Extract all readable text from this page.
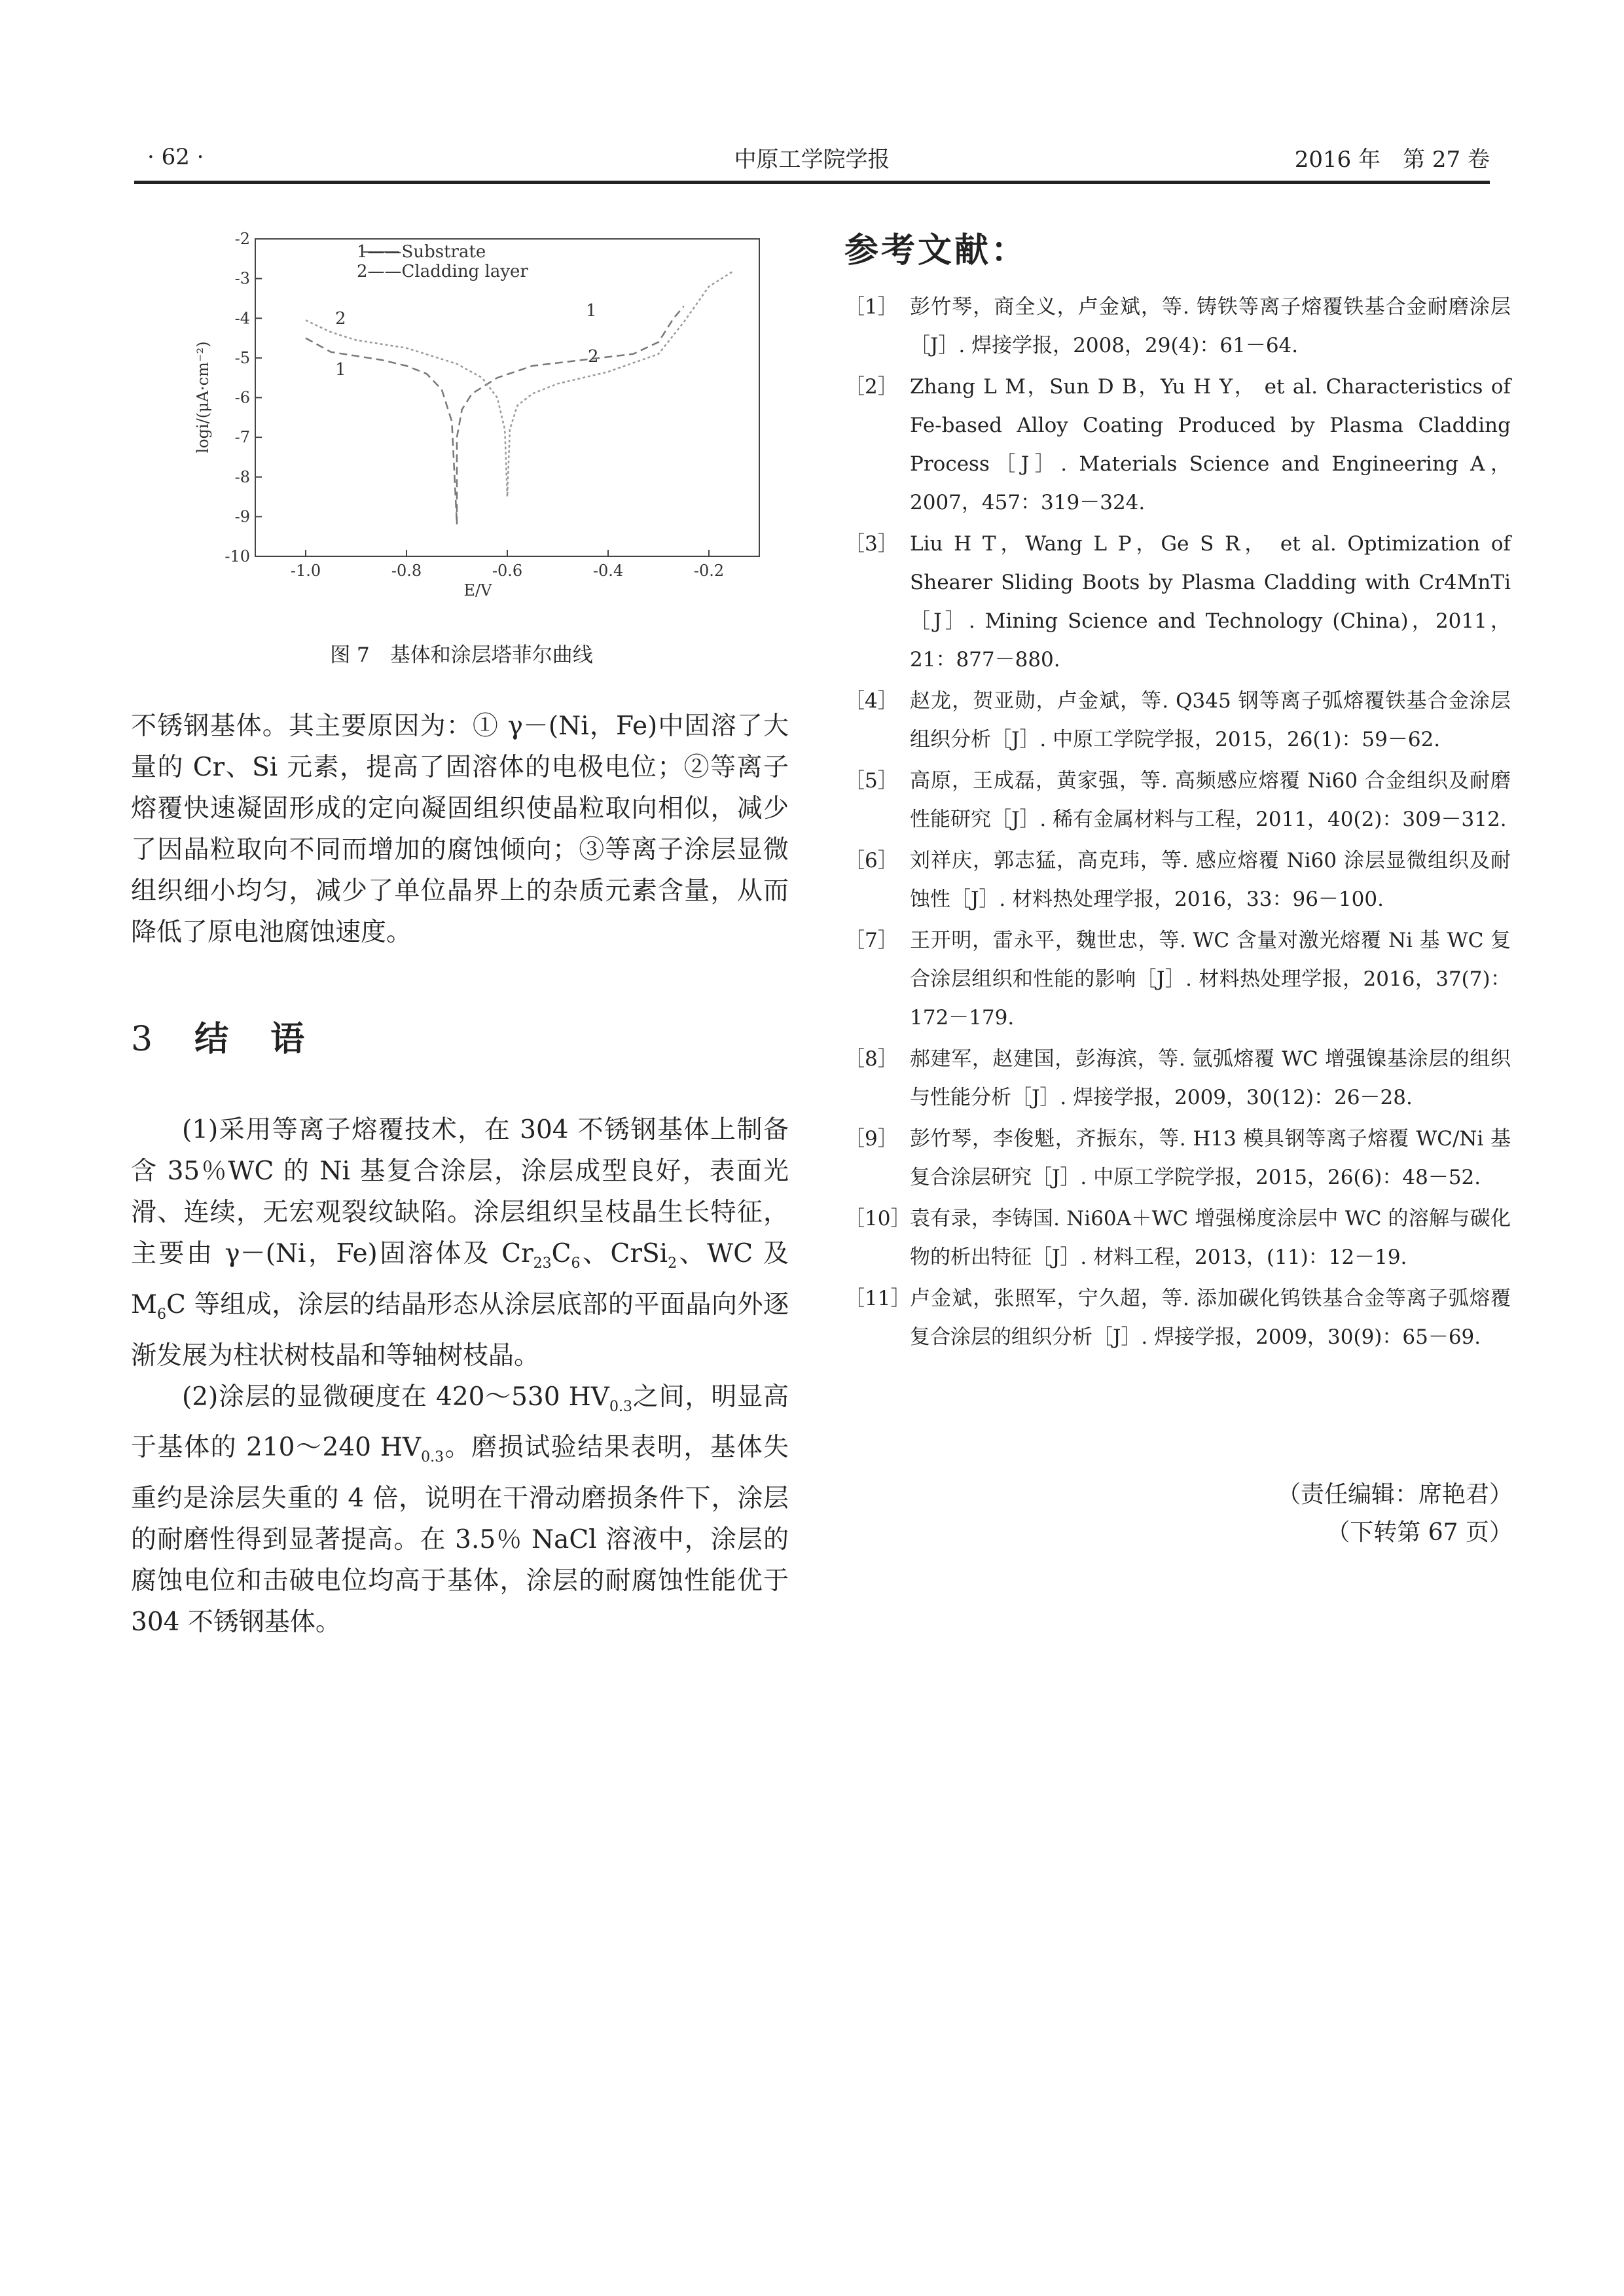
· 62 ·	中原工学院学报	2016 年　第 27 卷
-2
-3
-4
-5
-6
-7
-8
-9
-10
-1.0	-0.8	-0.6	-0.4	-0.2
1——Substrate
2——Cladding layer
2
1
1
2
E/V
logi/(μA·cm⁻²)
图 7　基体和涂层塔菲尔曲线

不锈钢基体。其主要原因为：① γ－(Ni，Fe)中固溶了大量的 Cr、Si 元素，提高了固溶体的电极电位；②等离子熔覆快速凝固形成的定向凝固组织使晶粒取向相似，减少了因晶粒取向不同而增加的腐蚀倾向；③等离子涂层显微组织细小均匀，减少了单位晶界上的杂质元素含量，从而降低了原电池腐蚀速度。

3 结 语

(1)采用等离子熔覆技术，在 304 不锈钢基体上制备含 35％WC 的 Ni 基复合涂层，涂层成型良好，表面光滑、连续，无宏观裂纹缺陷。涂层组织呈枝晶生长特征，主要由 γ－(Ni，Fe)固溶体及 $Cr_{23}C_6$、CrSi$_2$、WC 及 $M_6C$ 等组成，涂层的结晶形态从涂层底部的平面晶向外逐渐发展为柱状树枝晶和等轴树枝晶。

(2)涂层的显微硬度在 420～530 $HV_{0.3}$之间，明显高于基体的 210～240 $HV_{0.3}$。磨损试验结果表明，基体失重约是涂层失重的 4 倍，说明在干滑动磨损条件下，涂层的耐磨性得到显著提高。在 3.5％ NaCl 溶液中，涂层的腐蚀电位和击破电位均高于基体，涂层的耐腐蚀性能优于 304 不锈钢基体。

参考文献：
［1］ 彭竹琴，商全义，卢金斌，等. 铸铁等离子熔覆铁基合金耐磨涂层［J］. 焊接学报，2008，29(4)：61－64.
［2］ Zhang L M，Sun D B，Yu H Y， et al. Characteristics of Fe-based Alloy Coating Produced by Plasma Cladding Process［J］. Materials Science and Engineering A，2007，457：319－324.
［3］ Liu H T，Wang L P，Ge S R， et al. Optimization of Shearer Sliding Boots by Plasma Cladding with Cr4MnTi［J］. Mining Science and Technology (China)，2011，21：877－880.
［4］ 赵龙，贺亚勋，卢金斌，等. Q345 钢等离子弧熔覆铁基合金涂层组织分析［J］. 中原工学院学报，2015，26(1)：59－62.
［5］ 高原，王成磊，黄家强，等. 高频感应熔覆 Ni60 合金组织及耐磨性能研究［J］. 稀有金属材料与工程，2011，40(2)：309－312.
［6］ 刘祥庆，郭志猛，高克玮，等. 感应熔覆 Ni60 涂层显微组织及耐蚀性［J］. 材料热处理学报，2016，33：96－100.
［7］ 王开明，雷永平，魏世忠，等. WC 含量对激光熔覆 Ni 基 WC 复合涂层组织和性能的影响［J］. 材料热处理学报，2016，37(7)：172－179.
［8］ 郝建军，赵建国，彭海滨，等. 氩弧熔覆 WC 增强镍基涂层的组织与性能分析［J］. 焊接学报，2009，30(12)：26－28.
［9］ 彭竹琴，李俊魁，齐振东，等. H13 模具钢等离子熔覆 WC/Ni 基复合涂层研究［J］. 中原工学院学报，2015，26(6)：48－52.
［10］
袁有录，李铸国. Ni60A＋WC 增强梯度涂层中 WC 的溶解与碳化物的析出特征［J］. 材料工程，2013，(11)：12－19.
［11］
卢金斌，张照军，宁久超，等. 添加碳化钨铁基合金等离子弧熔覆复合涂层的组织分析［J］. 焊接学报，2009，30(9)：65－69.
（责任编辑：席艳君）
（下转第 67 页）
